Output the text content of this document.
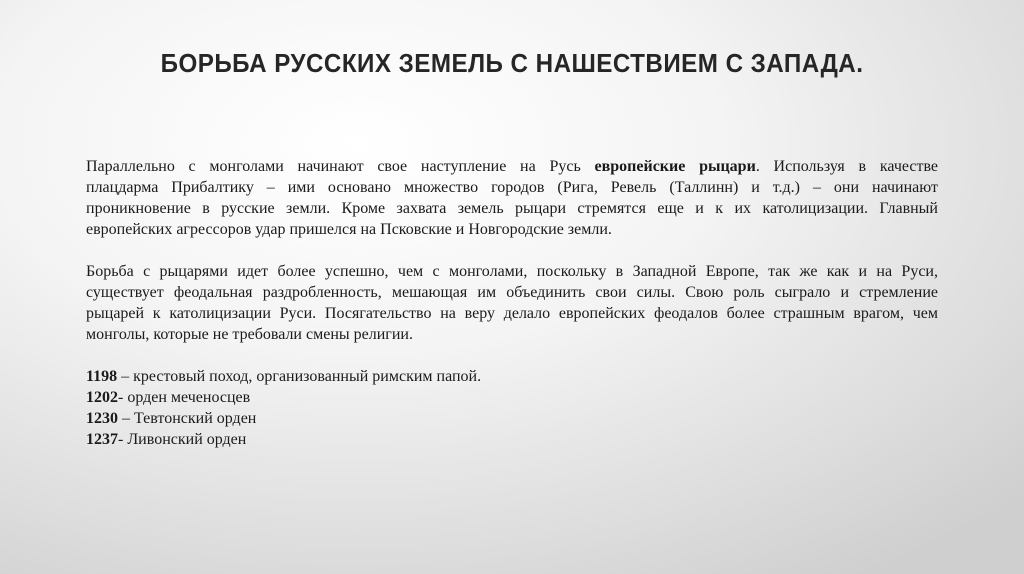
БОРЬБА РУССКИХ ЗЕМЕЛЬ С НАШЕСТВИЕМ С ЗАПАДА.
Параллельно с монголами начинают свое наступление на Русь европейские рыцари. Используя в качестве
плацдарма Прибалтику – ими основано множество городов (Рига, Ревель (Таллинн) и т.д.) – они начинают
проникновение в русские земли. Кроме захвата земель рыцари стремятся еще и к их католицизации. Главный
европейских агрессоров удар пришелся на Псковские и Новгородские земли.
Борьба с рыцарями идет более успешно, чем с монголами, поскольку в Западной Европе, так же как и на Руси,
существует феодальная раздробленность, мешающая им объединить свои силы. Свою роль сыграло и стремление
рыцарей к католицизации Руси. Посягательство на веру делало европейских феодалов более страшным врагом, чем
монголы, которые не требовали смены религии.
1198 – крестовый поход, организованный римским папой.
1202- орден меченосцев
1230 – Тевтонский орден
1237- Ливонский орден
